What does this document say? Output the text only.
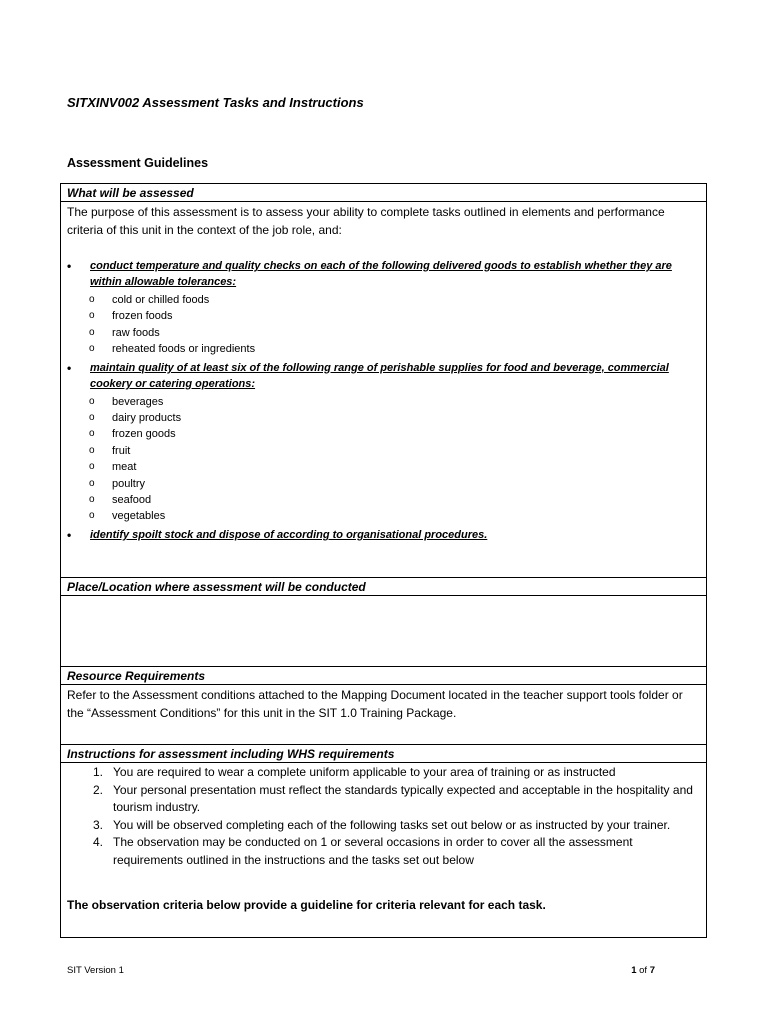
SITXINV002 Assessment Tasks and Instructions
Assessment Guidelines
What will be assessed
The purpose of this assessment is to assess your ability to complete tasks outlined in elements and performance criteria of this unit in the context of the job role, and:
• conduct temperature and quality checks on each of the following delivered goods to establish whether they are within allowable tolerances:
o cold or chilled foods
o frozen foods
o raw foods
o reheated foods or ingredients
• maintain quality of at least six of the following range of perishable supplies for food and beverage, commercial cookery or catering operations:
o beverages
o dairy products
o frozen goods
o fruit
o meat
o poultry
o seafood
o vegetables
• identify spoilt stock and dispose of according to organisational procedures.
Place/Location where assessment will be conducted
Resource Requirements
Refer to the Assessment conditions attached to the Mapping Document located in the teacher support tools folder or the “Assessment Conditions” for this unit in the SIT 1.0 Training Package.
Instructions for assessment including WHS requirements
1. You are required to wear a complete uniform applicable to your area of training or as instructed
2. Your personal presentation must reflect the standards typically expected and acceptable in the hospitality and tourism industry.
3. You will be observed completing each of the following tasks set out below or as instructed by your trainer.
4. The observation may be conducted on 1 or several occasions in order to cover all the assessment requirements outlined in the instructions and the tasks set out below
The observation criteria below provide a guideline for criteria relevant for each task.
SIT Version 1	1 of 7
